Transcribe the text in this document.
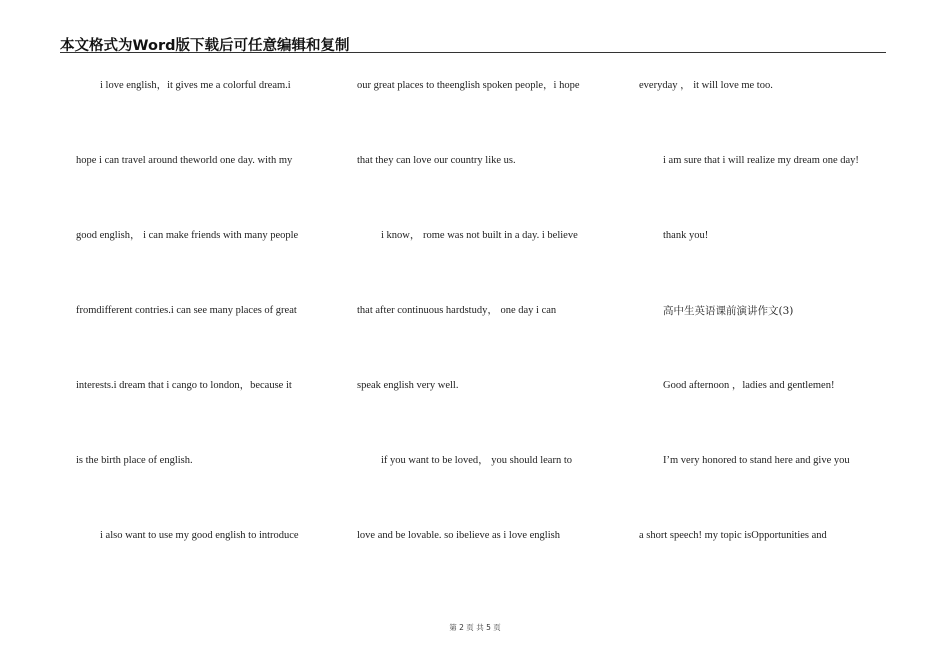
本文格式为Word版下载后可任意编辑和复制
i love english，it gives me a colorful dream.i
hope i can travel around theworld one day. with my
good english， i can make friends with many people
fromdifferent contries.i can see many places of great
interests.i dream that i cango to london，because it
is the birth place of english.
i also want to use my good english to introduce
our great places to theenglish spoken people，i hope
that they can love our country like us.
i know， rome was not built in a day. i believe
that after continuous hardstudy， one day i can
speak english very well.
if you want to be loved， you should learn to
love and be lovable. so ibelieve as i love english
everyday ， it will love me too.
i am sure that i will realize my dream one day!
thank you!
高中生英语课前演讲作文(3)
Good afternoon ，ladies and gentlemen!
I’m very honored to stand here and give you
a short speech! my topic isOpportunities and
第 2 页 共 5 页
